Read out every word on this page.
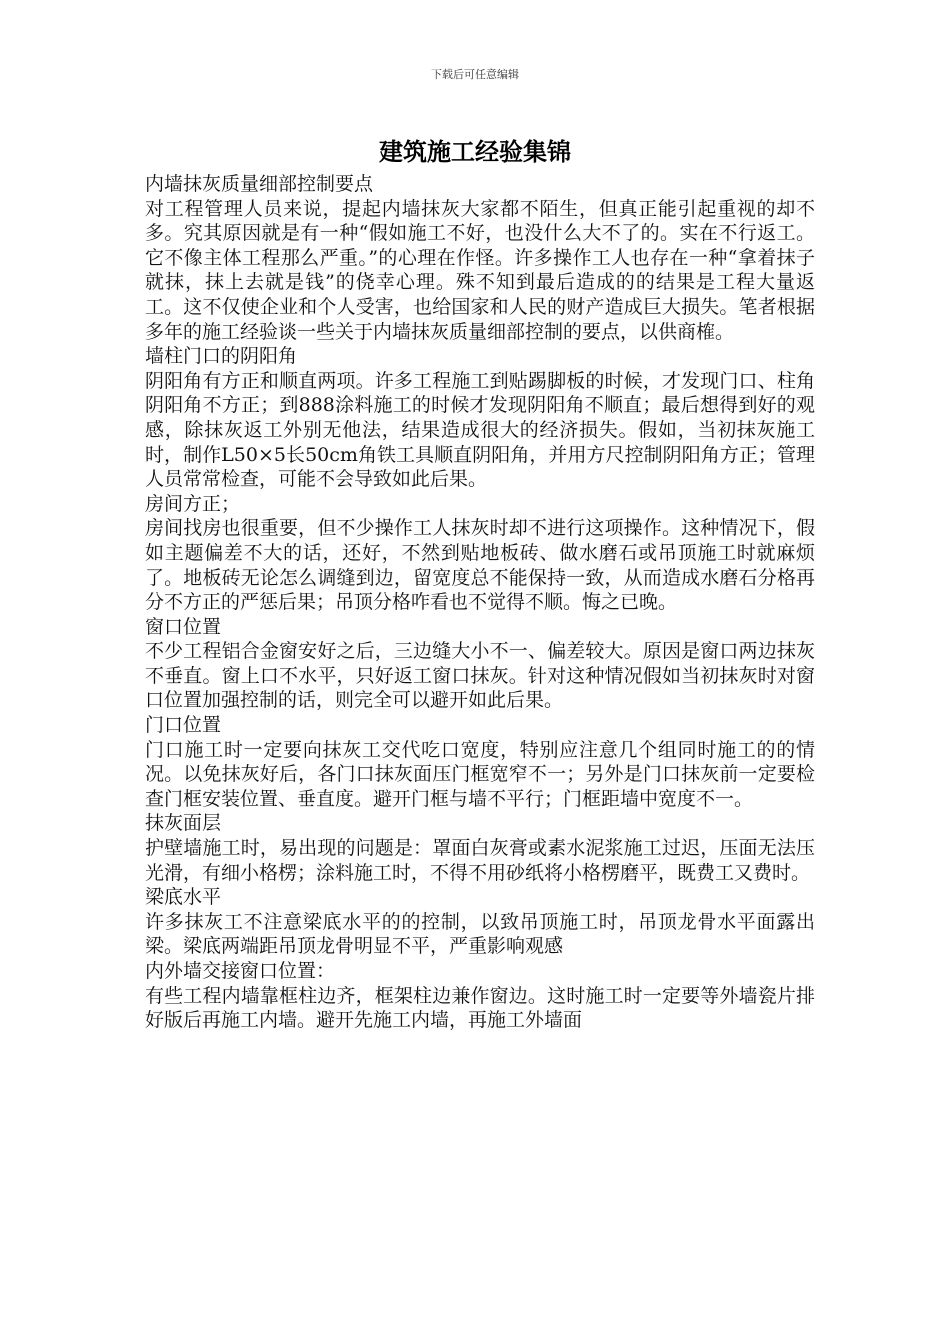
下载后可任意编辑
建筑施工经验集锦
内墙抹灰质量细部控制要点

对工程管理人员来说，提起内墙抹灰大家都不陌生，但真正能引起重视的却不多。究其原因就是有一种“假如施工不好，也没什么大不了的。实在不行返工。它不像主体工程那么严重。”的心理在作怪。许多操作工人也存在一种“拿着抹子就抹，抹上去就是钱”的侥幸心理。殊不知到最后造成的的结果是工程大量返工。这不仅使企业和个人受害，也给国家和人民的财产造成巨大损失。笔者根据多年的施工经验谈一些关于内墙抹灰质量细部控制的要点，以供商榷。

墙柱门口的阴阳角

阴阳角有方正和顺直两项。许多工程施工到贴踢脚板的时候，才发现门口、柱角阴阳角不方正；到888涂料施工的时候才发现阴阳角不顺直；最后想得到好的观感，除抹灰返工外别无他法，结果造成很大的经济损失。假如，当初抹灰施工时，制作L50×5长50cm角铁工具顺直阴阳角，并用方尺控制阴阳角方正；管理人员常常检查，可能不会导致如此后果。

房间方正；

房间找房也很重要，但不少操作工人抹灰时却不进行这项操作。这种情况下，假如主题偏差不大的话，还好，不然到贴地板砖、做水磨石或吊顶施工时就麻烦了。地板砖无论怎么调缝到边，留宽度总不能保持一致，从而造成水磨石分格再分不方正的严惩后果；吊顶分格咋看也不觉得不顺。悔之已晚。

窗口位置

不少工程铝合金窗安好之后，三边缝大小不一、偏差较大。原因是窗口两边抹灰不垂直。窗上口不水平，只好返工窗口抹灰。针对这种情况假如当初抹灰时对窗口位置加强控制的话，则完全可以避开如此后果。

门口位置

门口施工时一定要向抹灰工交代吃口宽度，特别应注意几个组同时施工的的情况。以免抹灰好后，各门口抹灰面压门框宽窄不一；另外是门口抹灰前一定要检查门框安装位置、垂直度。避开门框与墙不平行；门框距墙中宽度不一。

抹灰面层

护壁墙施工时，易出现的问题是：罩面白灰膏或素水泥浆施工过迟，压面无法压光滑，有细小格楞；涂料施工时，不得不用砂纸将小格楞磨平，既费工又费时。

梁底水平

许多抹灰工不注意梁底水平的的控制，以致吊顶施工时，吊顶龙骨水平面露出梁。梁底两端距吊顶龙骨明显不平，严重影响观感

内外墙交接窗口位置：

有些工程内墙靠框柱边齐，框架柱边兼作窗边。这时施工时一定要等外墙瓷片排好版后再施工内墙。避开先施工内墙，再施工外墙面
